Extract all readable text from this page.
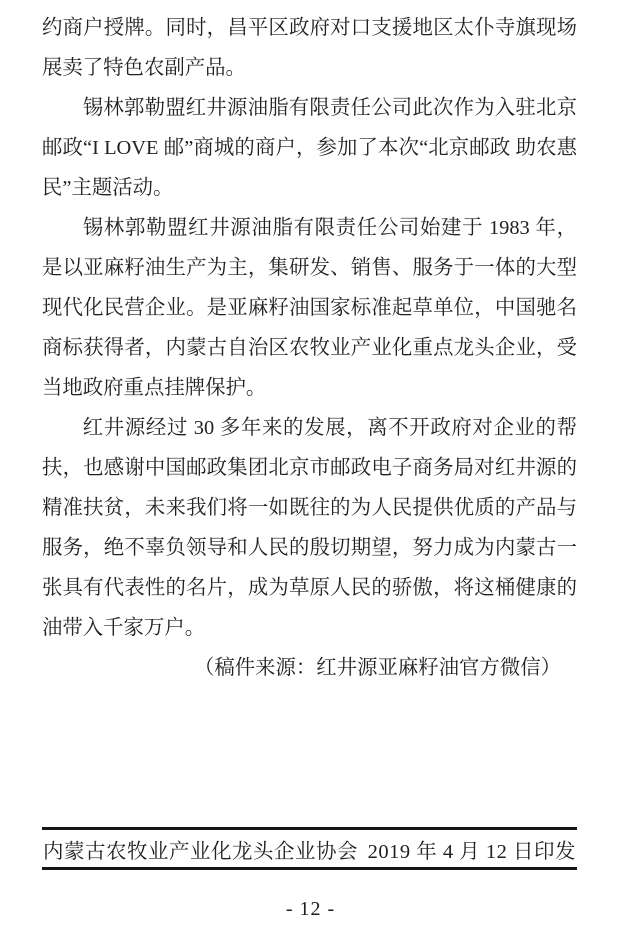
约商户授牌。同时，昌平区政府对口支援地区太仆寺旗现场展卖了特色农副产品。

锡林郭勒盟红井源油脂有限责任公司此次作为入驻北京邮政“I LOVE 邮”商城的商户，参加了本次“北京邮政 助农惠民”主题活动。

锡林郭勒盟红井源油脂有限责任公司始建于 1983 年，是以亚麻籽油生产为主，集研发、销售、服务于一体的大型现代化民营企业。是亚麻籽油国家标准起草单位，中国驰名商标获得者，内蒙古自治区农牧业产业化重点龙头企业，受当地政府重点挂牌保护。

红井源经过 30 多年来的发展，离不开政府对企业的帮扶，也感谢中国邮政集团北京市邮政电子商务局对红井源的精准扶贫，未来我们将一如既往的为人民提供优质的产品与服务，绝不辜负领导和人民的殷切期望，努力成为内蒙古一张具有代表性的名片，成为草原人民的骄傲，将这桶健康的油带入千家万户。

（稿件来源：红井源亚麻籽油官方微信）

内蒙古农牧业产业化龙头企业协会 2019 年 4 月 12 日印发
- 12 -
